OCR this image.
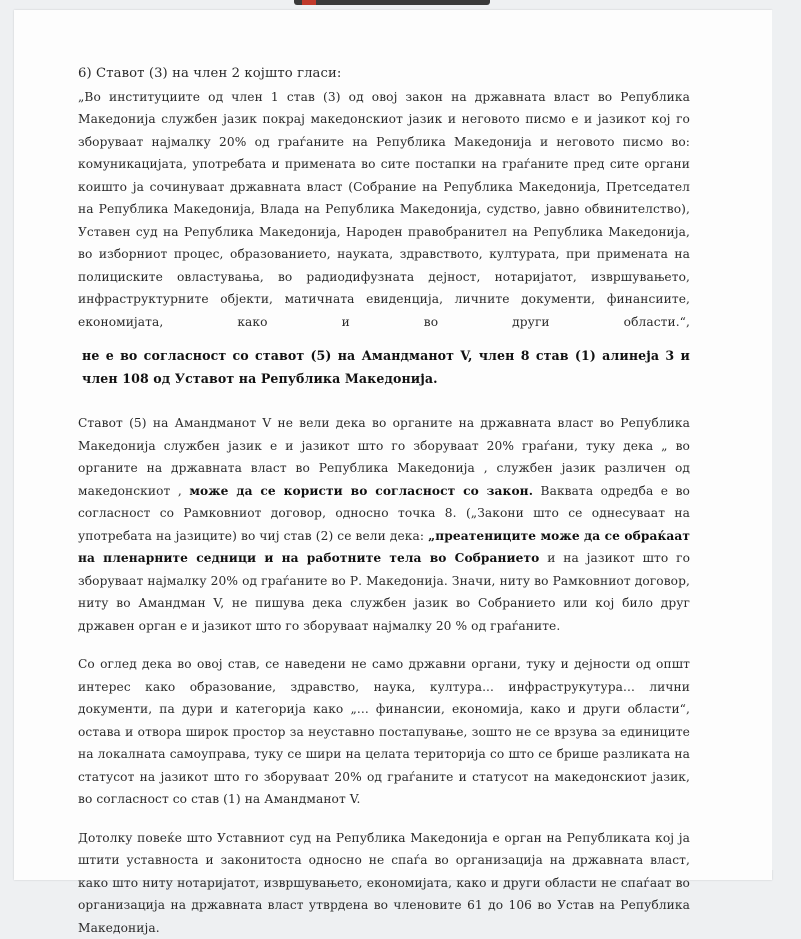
6) Ставот (3) на член 2 којшто гласи:

„Во институциите од член 1 став (3) од овој закон на државната власт во Република Македонија службен јазик покрај македонскиот јазик и неговото писмо е и јазикот кој го зборуваат најмалку 20% од граѓаните на Република Македонија и неговото писмо во: комуникацијата, употребата и примената во сите постапки на граѓаните пред сите органи коишто ја сочинуваат државната власт (Собрание на Република Македонија, Претседател на Република Македонија, Влада на Република Македонија, судство, јавно обвинителство), Уставен суд на Република Македонија, Народен правобранител на Република Македонија, во изборниот процес, образованието, науката, здравството, културата, при примената на полициските овластувања, во радиодифузната дејност, нотаријатот, извршувањето, инфраструктурните објекти, матичната евиденција, личните документи, финансиите, економијата, како и во други области.“,

не е во согласност со ставот (5) на Амандманот V, член 8 став (1) алинеја 3 и член 108 од Уставот на Република Македонија.

Ставот (5) на Амандманот V не вели дека во органите на државната власт во Република Македонија службен јазик е и јазикот што го зборуваат 20% граѓани, туку дека „ во органите на државната власт во Република Македонија , службен јазик различен од македонскиот , може да се користи во согласност со закон. Ваквата одредба е во согласност со Рамковниот договор, односно точка 8. („Закони што се однесуваат на употребата на јазиците) во чиј став (2) се вели дека: „преатениците може да се обраќаат на пленарните седници и на работните тела во Собранието и на јазикот што го зборуваат најмалку 20% од граѓаните во Р. Македонија. Значи, ниту во Рамковниот договор, ниту во Амандман V, не пишува дека службен јазик во Собранието или кој било друг државен орган е и јазикот што го зборуваат најмалку 20 % од граѓаните.

Со оглед дека во овој став, се наведени не само државни органи, туку и дејности од општ интерес како образование, здравство, наука, култура... инфраструкутура... лични документи, па дури и категорија како „... финансии, економија, како и други области“, остава и отвора широк простор за неуставно постапување, зошто не се врзува за единиците на локалната самоуправа, туку се шири на целата територија со што се брише разликата на статусот на јазикот што го зборуваат 20% од граѓаните и статусот на македонскиот јазик, во согласност со став (1) на Амандманот V.

Дотолку повеќе што Уставниот суд на Република Македонија е орган на Републиката кој ја штити уставноста и законитоста односно не спаѓа во организација на државната власт, како што ниту нотаријатот, извршувањето, економијата, како и други области не спаѓаат во организација на државната власт утврдена во членовите 61 до 106 во Устав на Република Македонија.
